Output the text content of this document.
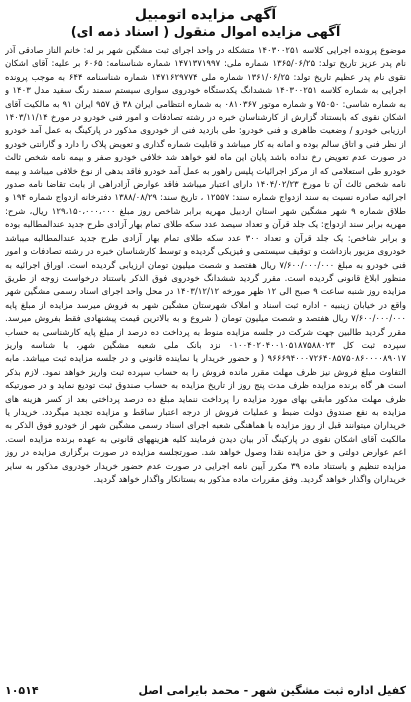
آگهی مزایده اتومبیل
آگهی مزایده اموال منقول ( اسناد ذمه ای)

موضوع پرونده اجرایی کلاسه ۱۴۰۳۰۰۲۵۱ متشکله در واحد اجرای ثبت مشگین شهر بر له: خانم الناز صادقی آذر نام پدر عزیز تاریخ تولد: ۱۳۶۵/۰۶/۲۵ شماره ملی: ۱۴۷۱۳۷۱۹۹۷ شماره شناسنامه: ۶۰۶۵ بر علیه: آقای اشکان نقوی نام پدر عظیم تاریخ تولد: ۱۳۶۱/۰۶/۲۵ شماره ملی ۱۴۷۱۶۲۹۷۷۴ شماره شناسنامه ۶۴۴ به موجب پرونده اجرایی به شماره کلاسه ۱۴۰۳۰۰۲۵۱ ششدانگ یکدستگاه خودروی سواری سیستم سمند رنگ سفید مدل ۱۴۰۳ و به شماره شاسی: ۷۵۰۵۰ و شماره موتور ۰۸۱۰۳۶۷ به شماره انتظامی ایران ۳۸ ق ۹۵۷ ایران ۹۱ به مالکیت آقای اشکان نقوی که بابستناد گزارش از کارشناسان خبره در رشته تصادفات و امور فنی خودرو در مورخ ۱۴۰۳/۱۱/۱۴ ارزیابی خودرو / وضعیت ظاهری و فنی خودرو: طی بازدید فنی از خودروی مذکور در پارکینگ به عمل آمد خودرو از نظر فنی و اتاق سالم بوده و امانه به کار میباشد و قابلیت شماره گذاری و تعویض پلاک را دارد و گارانتی خودرو در صورت عدم تعویض رخ نداده باشد پایان این ماه لغو خواهد شد خلافی خودرو صفر و بیمه نامه شخص ثالث خودرو طی استعلامی که از مرکز اجرائیات پلیس راهور به عمل آمد خودرو فاقد بدهی از نوع خلافی میباشد و بیمه نامه شخص ثالث آن تا مورخ ۱۴۰۴/۰۲/۲۳ دارای اعتبار میباشد فاقد عوارض آزادراهی از بابت تقاضا نامه صدور اجرائیه صادره نسبت به سند ازدواج شماره سند: ۱۲۵۵۷ ، تاریخ سند: ۱۳۸۸/۰۸/۲۹ دفترخانه ازدواج شماره ۱۹۴ و طلاق شماره ۹ شهر مشگین شهر استان اردبیل مهریه برابر شاخص روز مبلغ ۱۲۹،۱۵۰،۰۰۰،۰۰۰ ریال، شرح: مهریه برابر سند ازدواج: یک جلد قرآن و تعداد سیصد عدد سکه طلای تمام بهار آزادی طرح جدید عندالمطالبه بوده و برابر شاخص: یک جلد قرآن و تعداد ۳۰۰ عدد سکه طلای تمام بهار آزادی طرح جدید عندالمطالبه میباشد خودروی مزبور بازداشت و توقیف سیستمی و فیزیکی گردیده و توسط کارشناسان خبره در رشته تصادفات و امور فنی خودرو به مبلغ ۷/۶۰۰/۰۰۰/۰۰۰ ریال هفتصد و شصت میلیون تومان ارزیابی گردیده است. اوراق اجرائیه به منظور ابلاغ قانونی گردیده است. مقرر گردید ششدانگ خودروی فوق الذکر باستناد درخواست زوجه از طریق مزایده روز شنبه ساعت ۹ صبح الی ۱۲ ظهر مورخه ۱۴۰۳/۱۲/۱۲ در محل واحد اجرای اسناد رسمی مشگین شهر واقع در خیابان زینبیه - اداره ثبت اسناد و املاک شهرستان مشگین شهر به فروش میرسد مزایده از مبلغ پایه ۷/۶۰۰/۰۰۰/۰۰۰ ریال هفتصد و شصت میلیون تومان ( شروع و به بالاترین قیمت پیشنهادی فقط بفروش میرسد. مقرر گردید طالبین جهت شرکت در جلسه مزایده منوط به پرداخت ده درصد از مبلغ پایه کارشناسی به حساب سپرده ثبت کل ۰۱۰۰۴۰۲۰۴۰۰۱۰۵۱۸۷۵۸۸۰۲۳ نزد بانک ملی شعبه مشگین شهر، با شناسه واریز ۹۶۶۶۹۴۰۰۰۷۲۶۴۰۸۵۷۵۰۸۶۰۰۰۰۸۹۰۱۷ ( و حضور خریدار یا نماینده قانونی و در جلسه مزایده ثبت میباشد. مابه التفاوت مبلغ فروش نیز ظرف مهلت مقرر مانده فروش را به حساب سپرده ثبت واریز خواهد نمود. لازم بذکر است هر گاه برنده مزایده ظرف مدت پنج روز از تاریخ مزایده به حساب صندوق ثبت تودیع نماید و در صورتیکه ظرف مهلت مذکور مابقی بهای مورد مزایده را پرداخت ننماید مبلغ ده درصد پرداختی بعد از کسر هزینه های مزایده به نفع صندوق دولت ضبط و عملیات فروش از درجه اعتبار ساقط و مزایده تجدید میگردد. خریدار یا خریداران میتوانند قبل از روز مزایده با هماهنگی شعبه اجرای اسناد رسمی مشگین شهر از خودرو فوق الذکر به مالکیت آقای اشکان نقوی در پارکینگ آذر بیان دیدن فرمایند کلیه هزینههای قانونی به عهده برنده مزایده است. اعم عوارض دولتی و حق مزایده نقدا وصول خواهد شد. صورتجلسه مزایده در صورت برگزاری مزایده در روز مزایده تنظیم و باستناد ماده ۳۹ مکرر آیین نامه اجرایی در صورت عدم حضور خریدار خودروی مذکور به سایر خریداران واگذار خواهد گردید. وفق مقررات ماده مذکور به بستانکار واگذار خواهد گردید.

کفیل اداره ثبت مشگین شهر - محمد بایرامی اصل
۱۰۵۱۴
